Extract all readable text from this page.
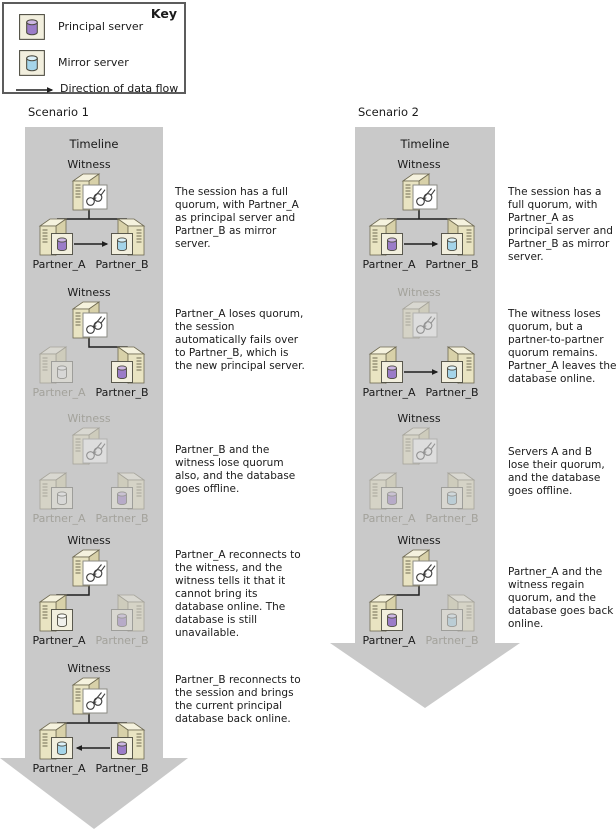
Key
Principal server
Mirror server
Direction of data flow
Scenario 1	Scenario 2
Timeline	Timeline
Witness
Partner_A Partner_B
The session has a full quorum, with Partner_A as principal server and Partner_B as mirror server.
Witness
Partner_A Partner_B
Partner_A loses quorum, the session automatically fails over to Partner_B, which is the new principal server.
Witness
Partner_A Partner_B
Partner_B and the witness lose quorum also, and the database goes offline.
Witness
Partner_A Partner_B
Partner_A reconnects to the witness, and the witness tells it that it cannot bring its database online. The database is still unavailable.
Witness
Partner_A Partner_B
Partner_B reconnects to the session and brings the current principal database back online.
Witness
Partner_A Partner_B
The session has a full quorum, with Partner_A as principal server and Partner_B as mirror server.
Witness
Partner_A Partner_B
The witness loses quorum, but a partner-to-partner quorum remains. Partner_A leaves the database online.
Witness
Partner_A Partner_B
Servers A and B lose their quorum, and the database goes offline.
Witness
Partner_A Partner_B
Partner_A and the witness regain quorum, and the database goes back online.
